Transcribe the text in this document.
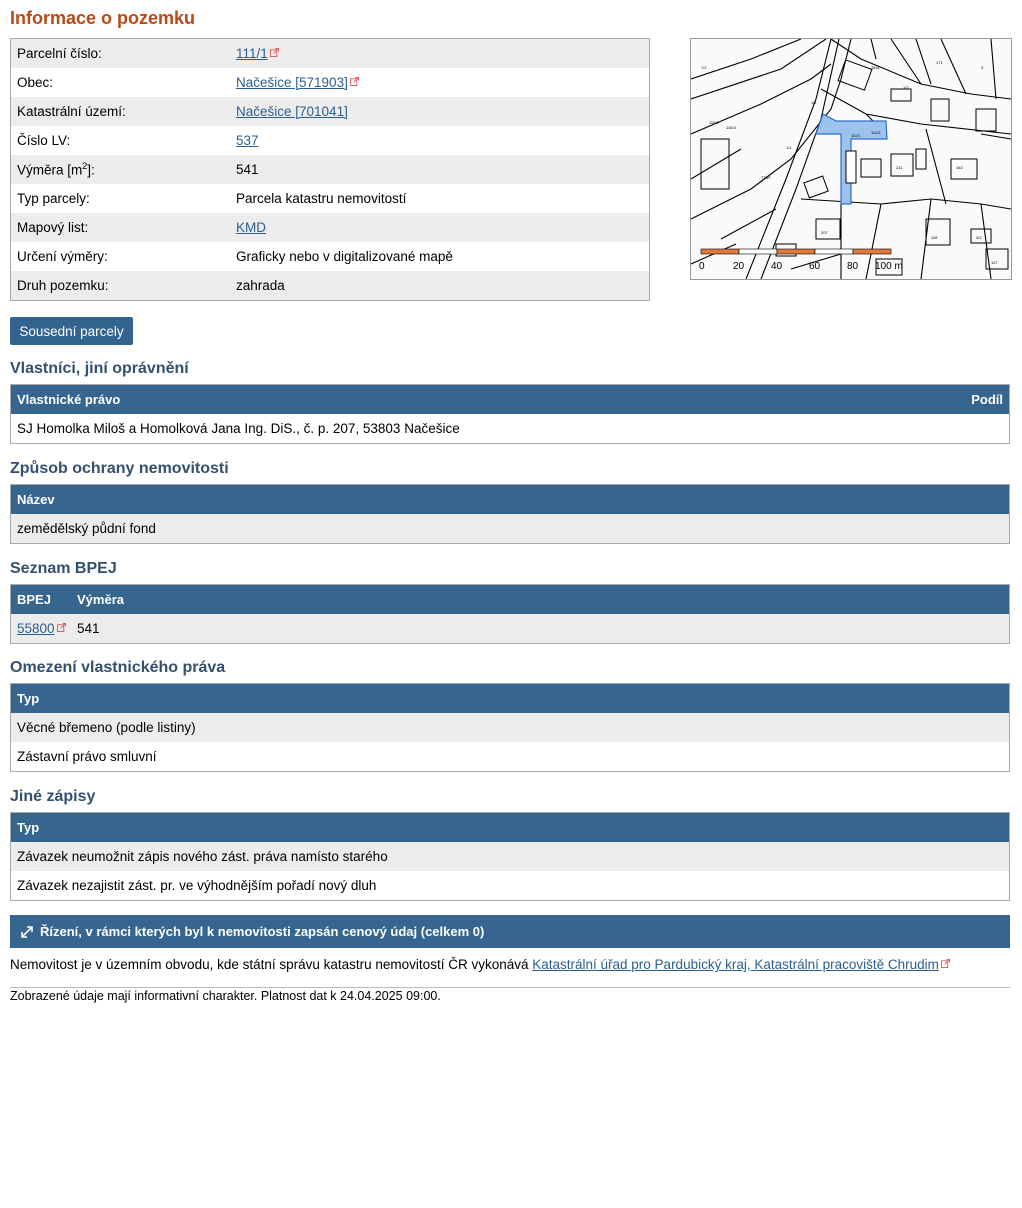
Informace o pozemku
Parcelní číslo:	111/1
Obec:	Načešice [571903]
Katastrální území:	Načešice [701041]
Číslo LV:	537
Výměra $[m^2]$:	541
Typ parcely:	Parcela katastru nemovitostí
Mapový list:	KMD
Určení výměry:	Graficky nebo v digitalizované mapě
Druh pozemku:	zahrada
1641
171
1/2
3
115/2
115/3
775/7
1/1
111/1
111/2
211	163
207
118	3/2
127
1/1
7/2
0	20	40	60	80 100 m
Sousední parcely
Vlastníci, jiní oprávnění
Vlastnické právo	Podíl
SJ Homolka Miloš a Homolková Jana Ing. DiS., č. p. 207, 53803 Načešice
Způsob ochrany nemovitosti
Název
zemědělský půdní fond
Seznam BPEJ
BPEJ	Výměra
55800	541
Omezení vlastnického práva
Typ
Věcné břemeno (podle listiny)
Zástavní právo smluvní
Jiné zápisy
Typ
Závazek neumožnit zápis nového zást. práva namísto starého
Závazek nezajistit zást. pr. ve výhodnějším pořadí nový dluh
Řízení, v rámci kterých byl k nemovitosti zapsán cenový údaj (celkem 0)
Nemovitost je v územním obvodu, kde státní správu katastru nemovitostí ČR vykonává Katastrální úřad pro Pardubický kraj, Katastrální pracoviště Chrudim
Zobrazené údaje mají informativní charakter. Platnost dat k 24.04.2025 09:00.
